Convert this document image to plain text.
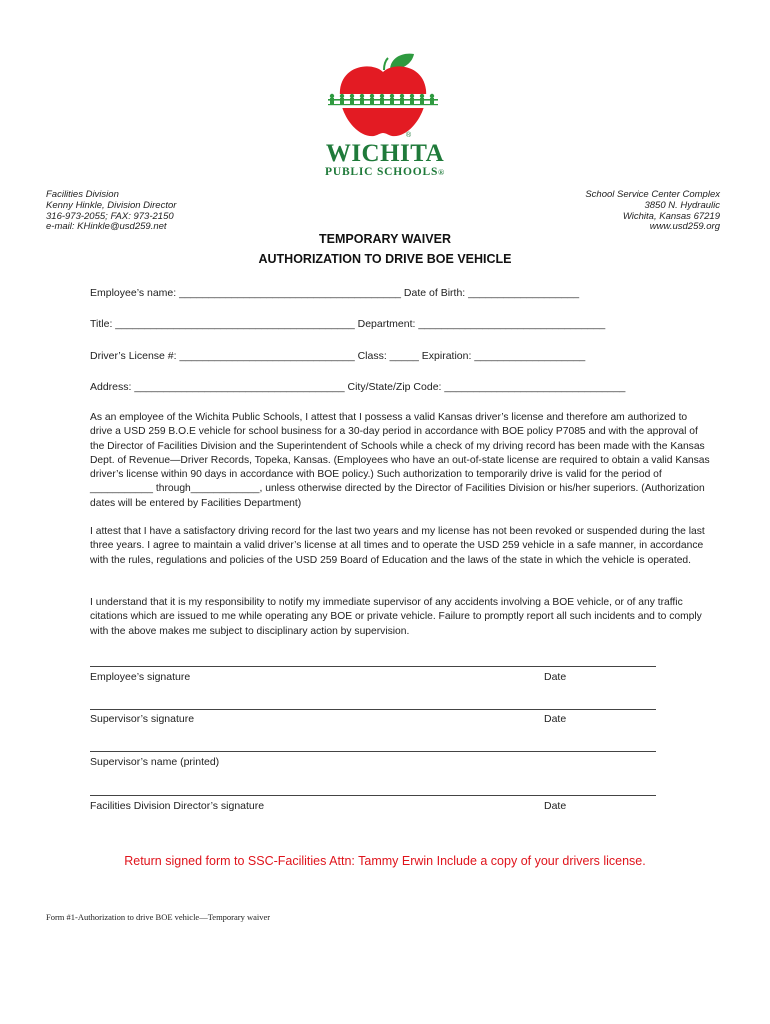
®
WICHITA
PUBLIC SCHOOLS®
Facilities Division
Kenny Hinkle, Division Director
316-973-2055; FAX: 973-2150
e-mail: KHinkle@usd259.net
School Service Center Complex
3850 N. Hydraulic
Wichita, Kansas 67219
www.usd259.org
TEMPORARY WAIVER
AUTHORIZATION TO DRIVE BOE VEHICLE
Employee’s name: ______________________________________ Date of Birth: ___________________
Title: _________________________________________ Department: ________________________________
Driver’s License #: ______________________________ Class: _____ Expiration: ___________________
Address: ____________________________________ City/State/Zip Code: _______________________________

As an employee of the Wichita Public Schools, I attest that I possess a valid Kansas driver’s license and therefore am authorized to drive a USD 259 B.O.E vehicle for school business for a 30-day period in accordance with BOE policy P7085 and with the approval of the Director of Facilities Division and the Superintendent of Schools while a check of my driving record has been made with the Kansas Dept. of Revenue—Driver Records, Topeka, Kansas. (Employees who have an out-of-state license are required to obtain a valid Kansas driver’s license within 90 days in accordance with BOE policy.) Such authorization to temporarily drive is valid for the period of ___________ through____________, unless otherwise directed by the Director of Facilities Division or his/her superiors. (Authorization dates will be entered by Facilities Department)

I attest that I have a satisfactory driving record for the last two years and my license has not been revoked or suspended during the last three years. I agree to maintain a valid driver’s license at all times and to operate the USD 259 vehicle in a safe manner, in accordance with the rules, regulations and policies of the USD 259 Board of Education and the laws of the state in which the vehicle is operated.

I understand that it is my responsibility to notify my immediate supervisor of any accidents involving a BOE vehicle, or of any traffic citations which are issued to me while operating any BOE or private vehicle. Failure to promptly report all such incidents and to comply with the above makes me subject to disciplinary action by supervision.

Employee’s signature	Date
Supervisor’s signature	Date
Supervisor’s name (printed)
Facilities Division Director’s signature	Date
Return signed form to SSC-Facilities Attn: Tammy Erwin Include a copy of your drivers license.
Form #1-Authorization to drive BOE vehicle—Temporary waiver
